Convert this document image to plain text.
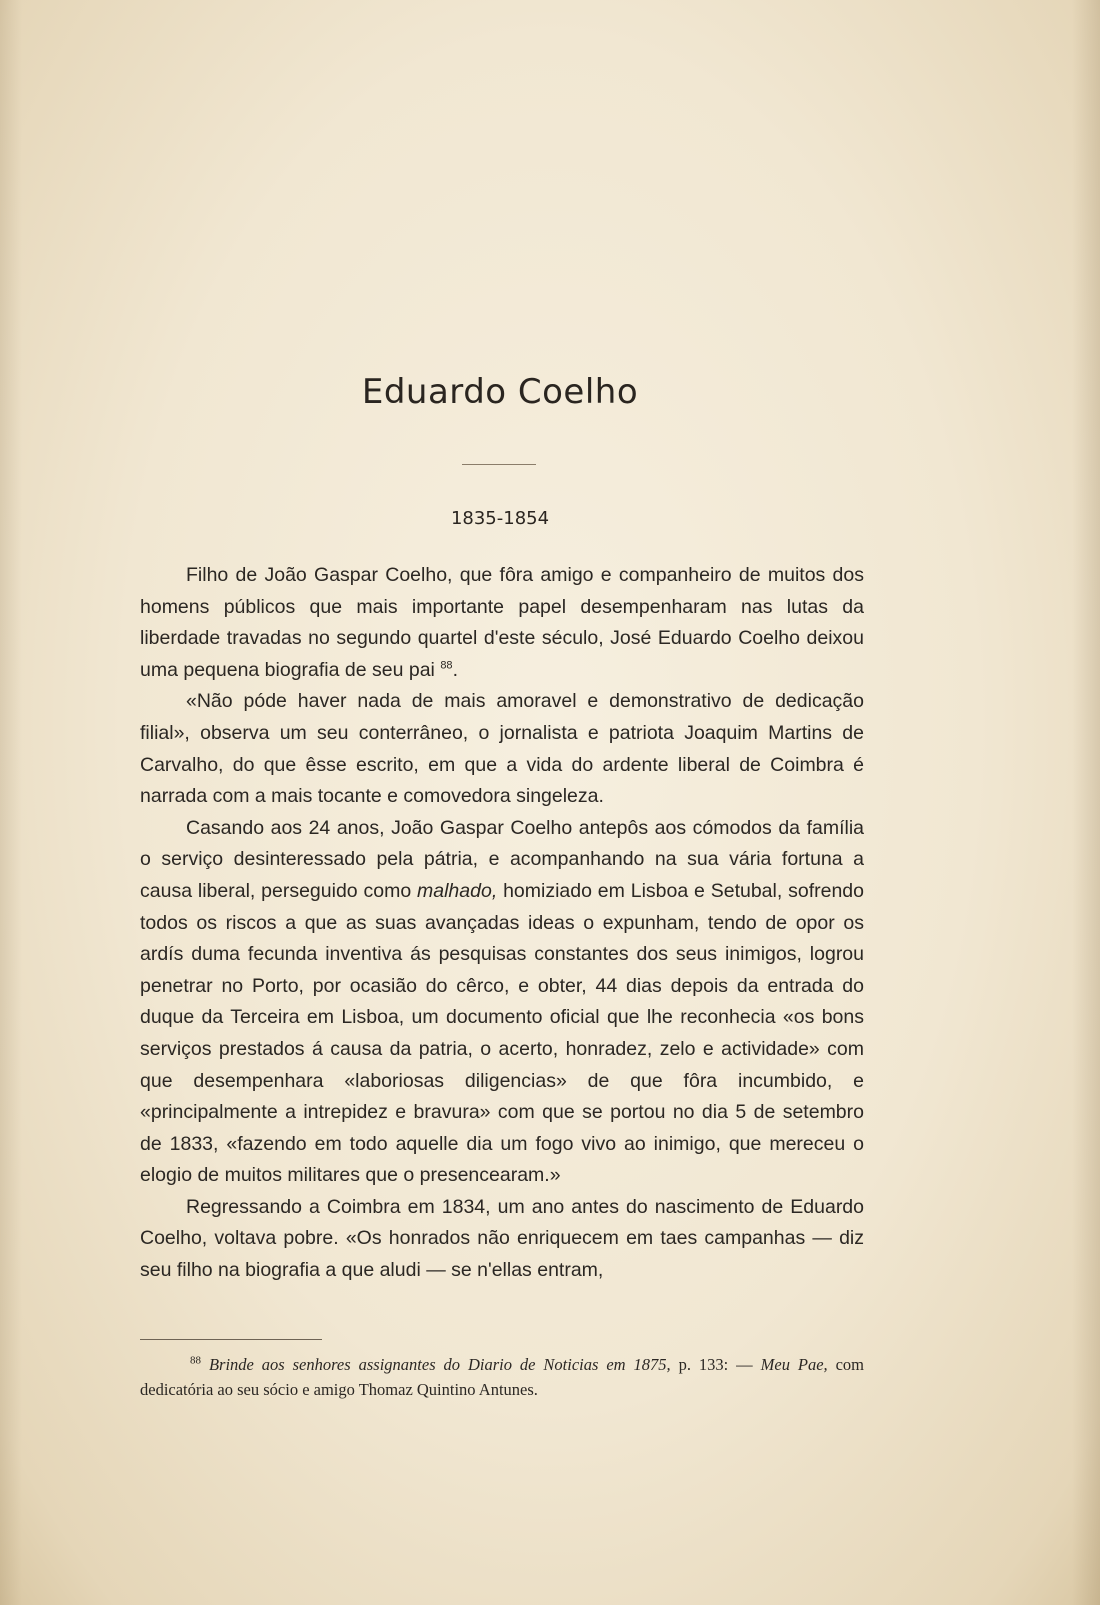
Eduardo Coelho
1835-1854

Filho de João Gaspar Coelho, que fôra amigo e companheiro de muitos dos homens públicos que mais importante papel desempenharam nas lutas da liberdade travadas no segundo quartel d'este século, José Eduardo Coelho deixou uma pequena biografia de seu pai $^{88}$.

«Não póde haver nada de mais amoravel e demonstrativo de dedicação filial», observa um seu conterrâneo, o jornalista e patriota Joaquim Martins de Carvalho, do que êsse escrito, em que a vida do ardente liberal de Coimbra é narrada com a mais tocante e comovedora singeleza.

Casando aos 24 anos, João Gaspar Coelho antepôs aos cómodos da família o serviço desinteressado pela pátria, e acompanhando na sua vária fortuna a causa liberal, perseguido como malhado, homiziado em Lisboa e Setubal, sofrendo todos os riscos a que as suas avançadas ideas o expunham, tendo de opor os ardís duma fecunda inventiva ás pesquisas constantes dos seus inimigos, logrou penetrar no Porto, por ocasião do cêrco, e obter, 44 dias depois da entrada do duque da Terceira em Lisboa, um documento oficial que lhe reconhecia «os bons serviços prestados á causa da patria, o acerto, honradez, zelo e actividade» com que desempenhara «laboriosas diligencias» de que fôra incumbido, e «principalmente a intrepidez e bravura» com que se portou no dia 5 de setembro de 1833, «fazendo em todo aquelle dia um fogo vivo ao inimigo, que mereceu o elogio de muitos militares que o presencearam.»

Regressando a Coimbra em 1834, um ano antes do nascimento de Eduardo Coelho, voltava pobre. «Os honrados não enriquecem em taes campanhas — diz seu filho na biografia a que aludi — se n'ellas entram,

$^{88}$ Brinde aos senhores assignantes do Diario de Noticias em 1875, p. 133: — Meu Pae, com dedicatória ao seu sócio e amigo Thomaz Quintino Antunes.
